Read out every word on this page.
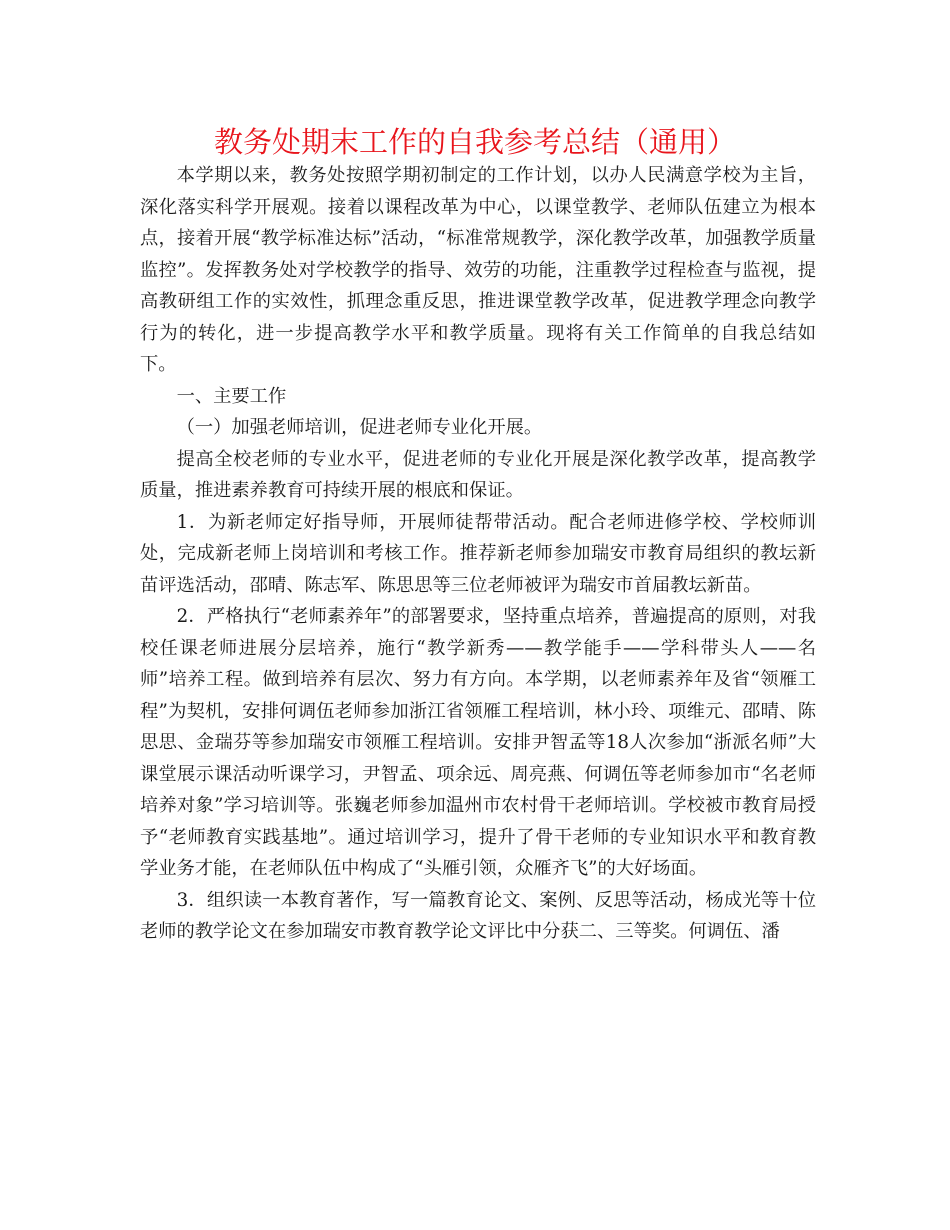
教务处期末工作的自我参考总结（通用）

本学期以来，教务处按照学期初制定的工作计划，以办人民满意学校为主旨，深化落实科学开展观。接着以课程改革为中心，以课堂教学、老师队伍建立为根本点，接着开展“教学标准达标”活动，“标准常规教学，深化教学改革，加强教学质量监控”。发挥教务处对学校教学的指导、效劳的功能，注重教学过程检查与监视，提高教研组工作的实效性，抓理念重反思，推进课堂教学改革，促进教学理念向教学行为的转化，进一步提高教学水平和教学质量。现将有关工作简单的自我总结如下。

一、主要工作

（一）加强老师培训，促进老师专业化开展。

提高全校老师的专业水平，促进老师的专业化开展是深化教学改革，提高教学质量，推进素养教育可持续开展的根底和保证。

1．为新老师定好指导师，开展师徒帮带活动。配合老师进修学校、学校师训处，完成新老师上岗培训和考核工作。推荐新老师参加瑞安市教育局组织的教坛新苗评选活动，邵晴、陈志军、陈思思等三位老师被评为瑞安市首届教坛新苗。

2．严格执行“老师素养年”的部署要求，坚持重点培养，普遍提高的原则，对我校任课老师进展分层培养，施行“教学新秀——教学能手——学科带头人——名师”培养工程。做到培养有层次、努力有方向。本学期，以老师素养年及省“领雁工程”为契机，安排何调伍老师参加浙江省领雁工程培训，林小玲、项维元、邵晴、陈思思、金瑞芬等参加瑞安市领雁工程培训。安排尹智孟等18人次参加“浙派名师”大课堂展示课活动听课学习，尹智孟、项余远、周亮燕、何调伍等老师参加市“名老师培养对象”学习培训等。张巍老师参加温州市农村骨干老师培训。学校被市教育局授予“老师教育实践基地”。通过培训学习，提升了骨干老师的专业知识水平和教育教学业务才能，在老师队伍中构成了“头雁引领，众雁齐飞”的大好场面。

3．组织读一本教育著作，写一篇教育论文、案例、反思等活动，杨成光等十位老师的教学论文在参加瑞安市教育教学论文评比中分获二、三等奖。何调伍、潘
